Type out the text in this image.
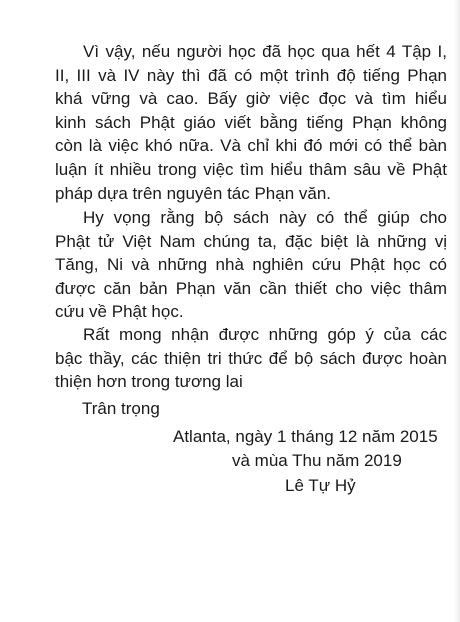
Vì vậy, nếu người học đã học qua hết 4 Tập I,
II, III và IV này thì đã có một trình độ tiếng Phạn
khá vững và cao. Bấy giờ việc đọc và tìm hiểu
kinh sách Phật giáo viết bằng tiếng Phạn không
còn là việc khó nữa. Và chỉ khi đó mới có thể bàn
luận ít nhiều trong việc tìm hiểu thâm sâu về Phật
pháp dựa trên nguyên tác Phạn văn.
Hy vọng rằng bộ sách này có thể giúp cho
Phật tử Việt Nam chúng ta, đặc biệt là những vị
Tăng, Ni và những nhà nghiên cứu Phật học có
được căn bản Phạn văn cần thiết cho việc thâm
cứu về Phật học.
Rất mong nhận được những góp ý của các
bậc thầy, các thiện tri thức để bộ sách được hoàn
thiện hơn trong tương lai

Trân trọng

Atlanta, ngày 1 tháng 12 năm 2015

và mùa Thu năm 2019

Lê Tự Hỷ
